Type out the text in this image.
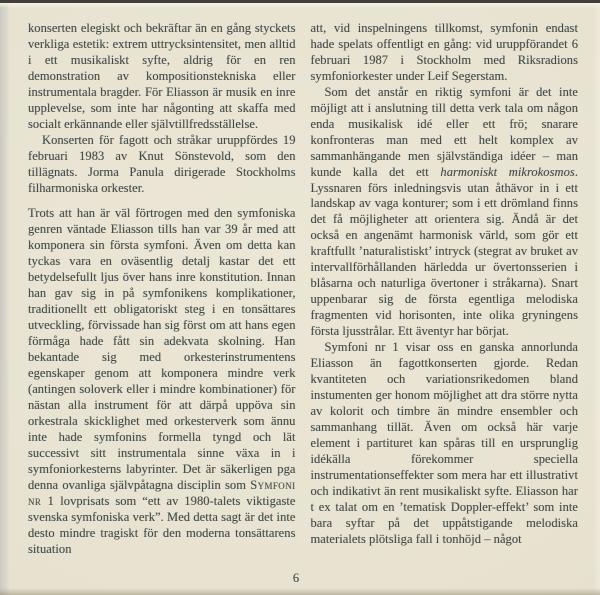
konserten elegiskt och bekräftar än en gång styckets verkliga estetik: extrem uttrycksintensitet, men alltid i ett musikaliskt syfte, aldrig för en ren demonstration av kompositionstekniska eller instrumentala bragder. För Eliasson är musik en inre upplevelse, som inte har någonting att skaffa med socialt erkännande eller självtillfredsställelse.

Konserten för fagott och stråkar uruppfördes 19 februari 1983 av Knut Sönstevold, som den tillägnats. Jorma Panula dirigerade Stockholms filharmoniska orkester.

Trots att han är väl förtrogen med den symfoniska genren väntade Eliasson tills han var 39 år med att komponera sin första symfoni. Även om detta kan tyckas vara en oväsentlig detalj kastar det ett betydelsefullt ljus över hans inre konstitution. Innan han gav sig in på symfonikens komplikationer, traditionellt ett obligatoriskt steg i en tonsättares utveckling, förvissade han sig först om att hans egen förmåga hade fått sin adekvata skolning. Han bekantade sig med orkesterinstrumentens egenskaper genom att komponera mindre verk (antingen soloverk eller i mindre kombinationer) för nästan alla instrument för att därpå uppöva sin orkestrala skicklighet med orkesterverk som ännu inte hade symfonins formella tyngd och lät successivt sitt instrumentala sinne växa in i symfoniorkesterns labyrinter. Det är säkerligen pga denna ovanliga självpåtagna disciplin som Symfoni nr 1 lovprisats som “ett av 1980-talets viktigaste svenska symfoniska verk”. Med detta sagt är det inte desto mindre tragiskt för den moderna tonsättarens situation

att, vid inspelningens tillkomst, symfonin endast hade spelats offentligt en gång: vid uruppförandet 6 februari 1987 i Stockholm med Riksradions symfoniorkester under Leif Segerstam.

Som det anstår en riktig symfoni är det inte möjligt att i anslutning till detta verk tala om någon enda musikalisk idé eller ett frö; snarare konfronteras man med ett helt komplex av sammanhängande men självständiga idéer – man kunde kalla det ett harmoniskt mikrokosmos. Lyssnaren förs inledningsvis utan åthävor in i ett landskap av vaga konturer; som i ett drömland finns det få möjligheter att orientera sig. Ändå är det också en angenämt harmonisk värld, som gör ett kraftfullt ’naturalistiskt’ intryck (stegrat av bruket av intervallförhållanden härledda ur övertonsserien i blåsarna och naturliga övertoner i stråkarna). Snart uppenbarar sig de första egentliga melodiska fragmenten vid horisonten, inte olika gryningens första ljusstrålar. Ett äventyr har börjat.

Symfoni nr 1 visar oss en ganska annorlunda Eliasson än fagottkonserten gjorde. Redan kvantiteten och variationsrikedomen bland instumenten ger honom möjlighet att dra större nytta av kolorit och timbre än mindre ensembler och sammanhang tillät. Även om också här varje element i partituret kan spåras till en ursprunglig idékälla förekommer speciella instrumentationseffekter som mera har ett illustrativt och indikativt än rent musikaliskt syfte. Eliasson har t ex talat om en ’tematisk Doppler-effekt’ som inte bara syftar på det uppåtstigande melodiska materialets plötsliga fall i tonhöjd – något

6
